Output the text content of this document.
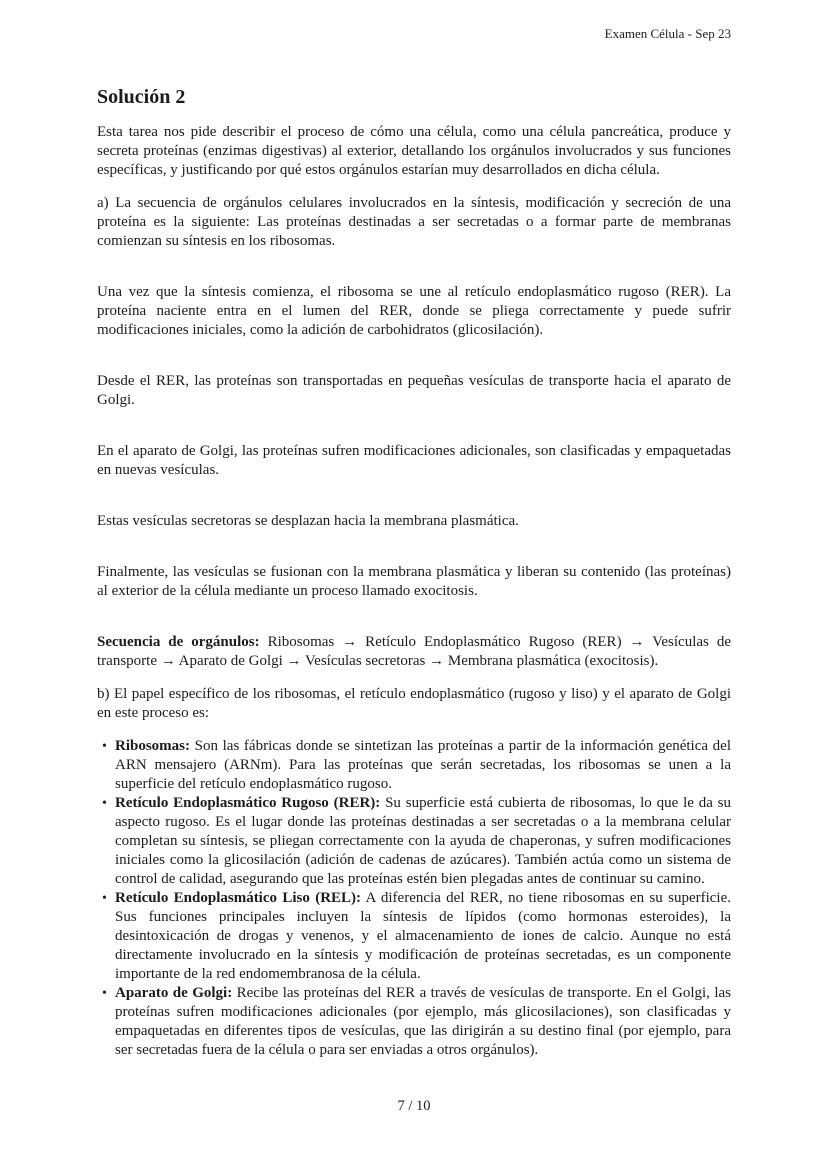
Examen Célula - Sep 23
Solución 2

Esta tarea nos pide describir el proceso de cómo una célula, como una célula pancreática, produce y secreta proteínas (enzimas digestivas) al exterior, detallando los orgánulos involucrados y sus funciones específicas, y justificando por qué estos orgánulos estarían muy desarrollados en dicha célula.

a) La secuencia de orgánulos celulares involucrados en la síntesis, modificación y secreción de una proteína es la siguiente: Las proteínas destinadas a ser secretadas o a formar parte de membranas comienzan su síntesis en los ribosomas.

Una vez que la síntesis comienza, el ribosoma se une al retículo endoplasmático rugoso (RER). La proteína naciente entra en el lumen del RER, donde se pliega correctamente y puede sufrir modificaciones iniciales, como la adición de carbohidratos (glicosilación).

Desde el RER, las proteínas son transportadas en pequeñas vesículas de transporte hacia el aparato de Golgi.

En el aparato de Golgi, las proteínas sufren modificaciones adicionales, son clasificadas y empaquetadas en nuevas vesículas.

Estas vesículas secretoras se desplazan hacia la membrana plasmática.

Finalmente, las vesículas se fusionan con la membrana plasmática y liberan su contenido (las proteínas) al exterior de la célula mediante un proceso llamado exocitosis.

Secuencia de orgánulos: Ribosomas → Retículo Endoplasmático Rugoso (RER) → Vesículas de transporte → Aparato de Golgi → Vesículas secretoras → Membrana plasmática (exocitosis).

b) El papel específico de los ribosomas, el retículo endoplasmático (rugoso y liso) y el aparato de Golgi en este proceso es:

• Ribosomas: Son las fábricas donde se sintetizan las proteínas a partir de la información genética del ARN mensajero (ARNm). Para las proteínas que serán secretadas, los ribosomas se unen a la superficie del retículo endoplasmático rugoso.
• Retículo Endoplasmático Rugoso (RER): Su superficie está cubierta de ribosomas, lo que le da su aspecto rugoso. Es el lugar donde las proteínas destinadas a ser secretadas o a la membrana celular completan su síntesis, se pliegan correctamente con la ayuda de chaperonas, y sufren modificaciones iniciales como la glicosilación (adición de cadenas de azúcares). También actúa como un sistema de control de calidad, asegurando que las proteínas estén bien plegadas antes de continuar su camino.
• Retículo Endoplasmático Liso (REL): A diferencia del RER, no tiene ribosomas en su superficie. Sus funciones principales incluyen la síntesis de lípidos (como hormonas esteroides), la desintoxicación de drogas y venenos, y el almacenamiento de iones de calcio. Aunque no está directamente involucrado en la síntesis y modificación de proteínas secretadas, es un componente importante de la red endomembranosa de la célula.
• Aparato de Golgi: Recibe las proteínas del RER a través de vesículas de transporte. En el Golgi, las proteínas sufren modificaciones adicionales (por ejemplo, más glicosilaciones), son clasificadas y empaquetadas en diferentes tipos de vesículas, que las dirigirán a su destino final (por ejemplo, para ser secretadas fuera de la célula o para ser enviadas a otros orgánulos).
7 / 10
